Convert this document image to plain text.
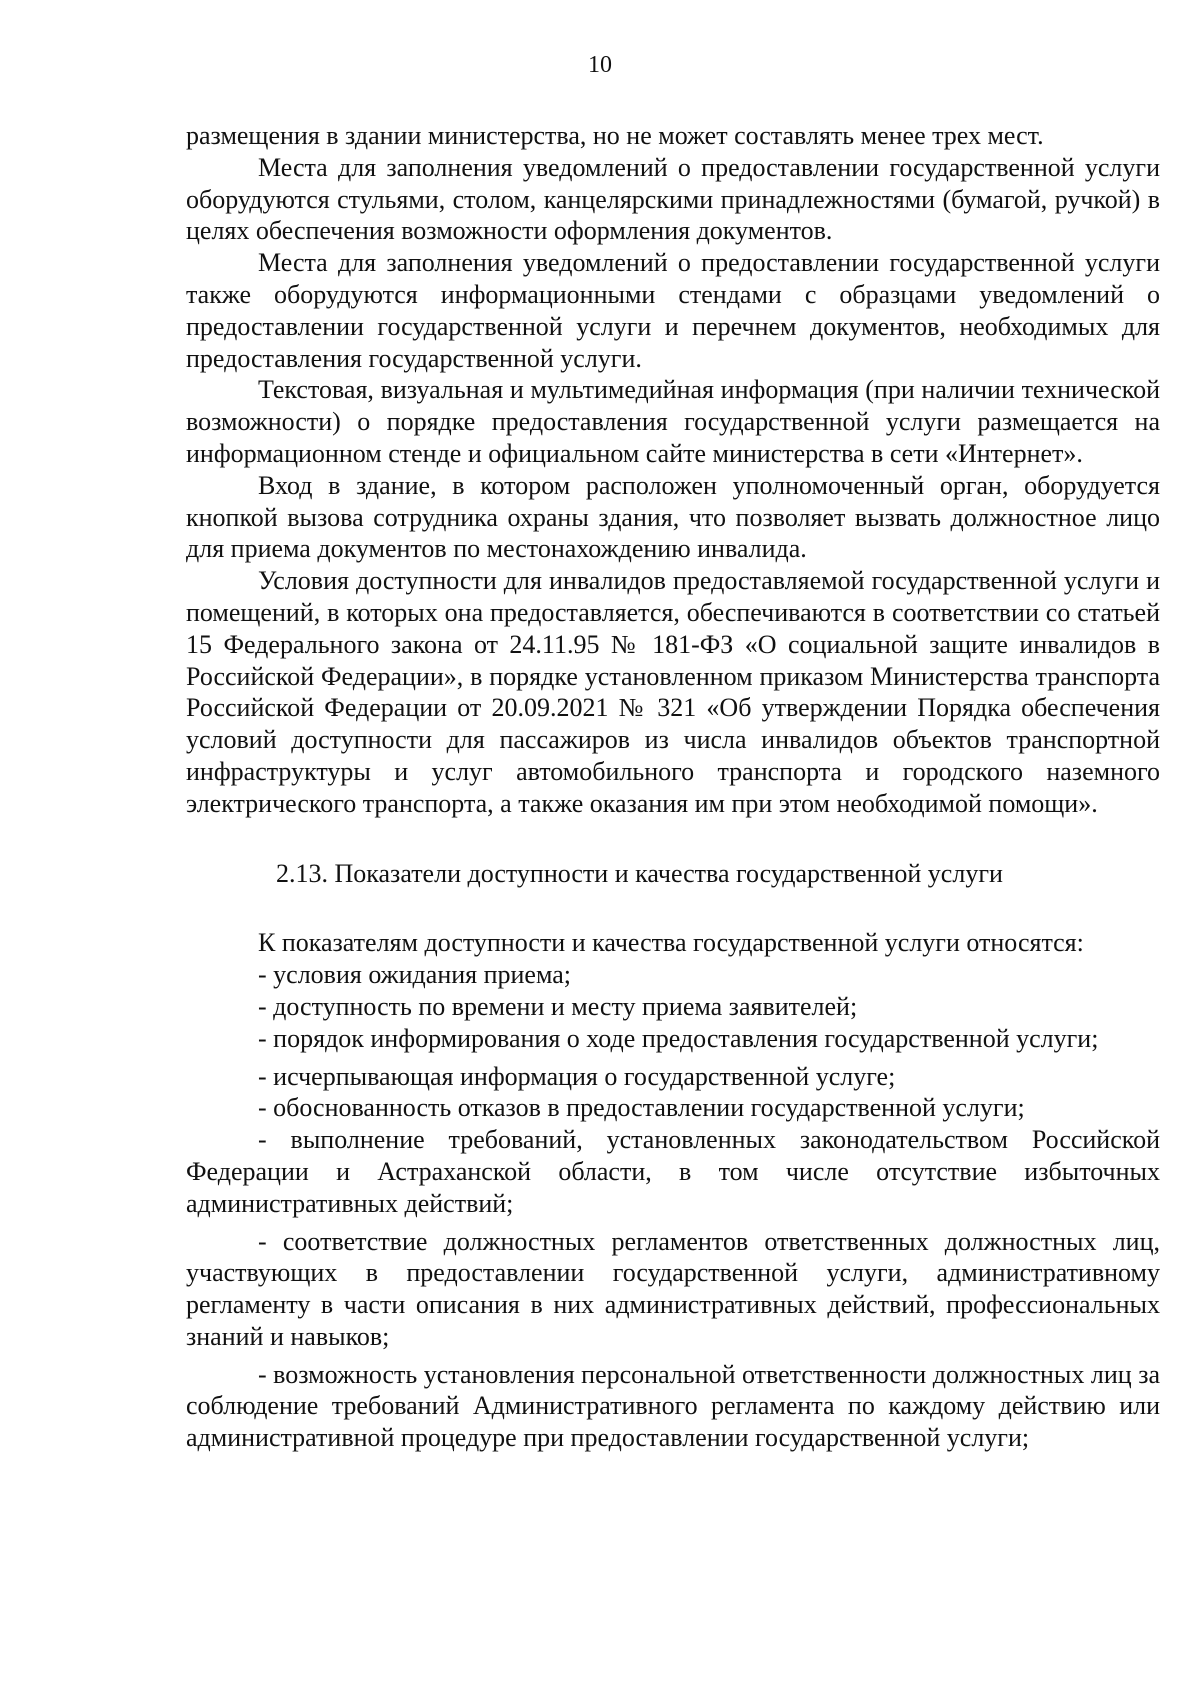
10

размещения в здании министерства, но не может составлять менее трех мест.

Места для заполнения уведомлений о предоставлении государственной услуги оборудуются стульями, столом, канцелярскими принадлежностями (бумагой, ручкой) в целях обеспечения возможности оформления документов.

Места для заполнения уведомлений о предоставлении государственной услуги также оборудуются информационными стендами с образцами уведомлений о предоставлении государственной услуги и перечнем документов, необходимых для предоставления государственной услуги.

Текстовая, визуальная и мультимедийная информация (при наличии технической возможности) о порядке предоставления государственной услуги размещается на информационном стенде и официальном сайте министерства в сети «Интернет».

Вход в здание, в котором расположен уполномоченный орган, оборудуется кнопкой вызова сотрудника охраны здания, что позволяет вызвать должностное лицо для приема документов по местонахождению инвалида.

Условия доступности для инвалидов предоставляемой государственной услуги и помещений, в которых она предоставляется, обеспечиваются в соответствии со статьей 15 Федерального закона от 24.11.95 № 181-ФЗ «О социальной защите инвалидов в Российской Федерации», в порядке установленном приказом Министерства транспорта Российской Федерации от 20.09.2021 № 321 «Об утверждении Порядка обеспечения условий доступности для пассажиров из числа инвалидов объектов транспортной инфраструктуры и услуг автомобильного транспорта и городского наземного электрического транспорта, а также оказания им при этом необходимой помощи».

2.13. Показатели доступности и качества государственной услуги

К показателям доступности и качества государственной услуги относятся:

- условия ожидания приема;

- доступность по времени и месту приема заявителей;

- порядок информирования о ходе предоставления государственной услуги;

- исчерпывающая информация о государственной услуге;

- обоснованность отказов в предоставлении государственной услуги;

- выполнение требований, установленных законодательством Российской Федерации и Астраханской области, в том числе отсутствие избыточных административных действий;

- соответствие должностных регламентов ответственных должностных лиц, участвующих в предоставлении государственной услуги, административному регламенту в части описания в них административных действий, профессиональных знаний и навыков;

- возможность установления персональной ответственности должностных лиц за соблюдение требований Административного регламента по каждому действию или административной процедуре при предоставлении государственной услуги;
